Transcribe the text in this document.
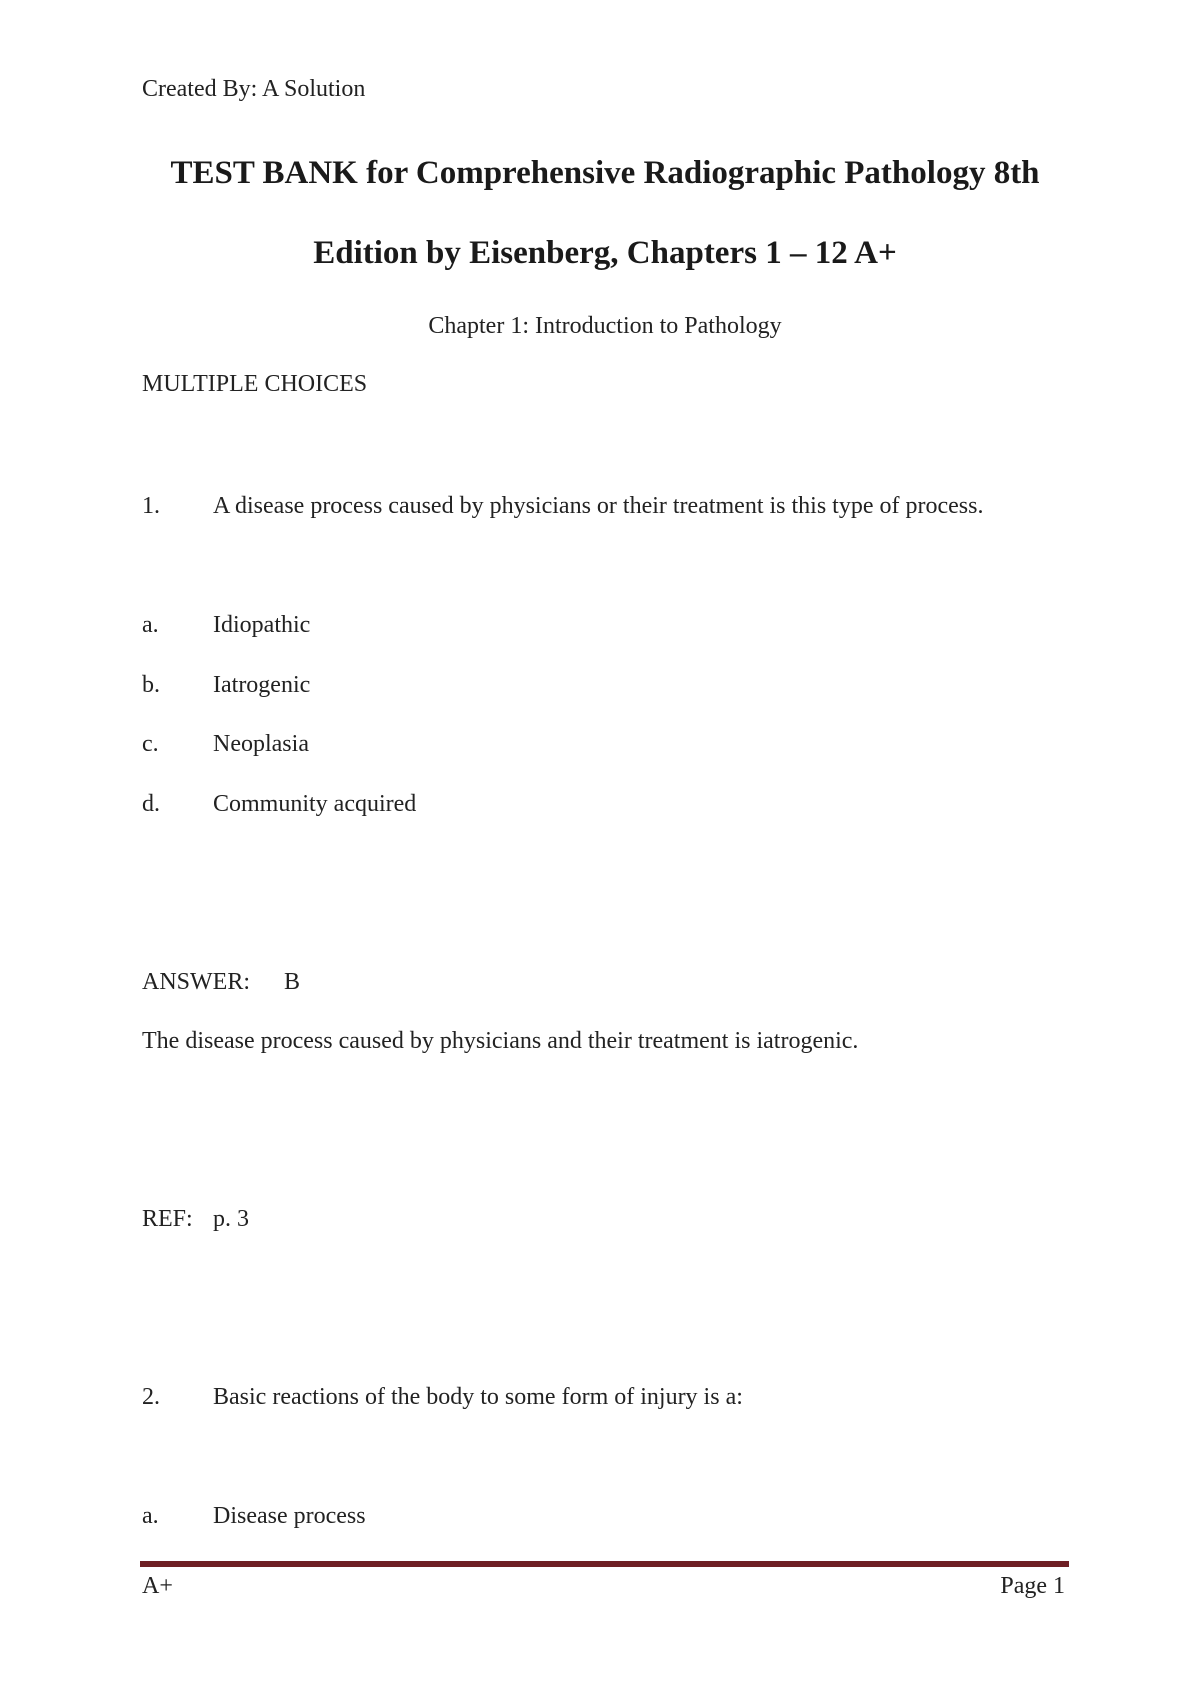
Created By: A Solution
TEST BANK for Comprehensive Radiographic Pathology 8th
Edition by Eisenberg, Chapters 1 – 12 A+
Chapter 1: Introduction to Pathology
MULTIPLE CHOICES
1. A disease process caused by physicians or their treatment is this type of process.
a. Idiopathic
b. Iatrogenic
c. Neoplasia
d. Community acquired
ANSWER: B
The disease process caused by physicians and their treatment is iatrogenic.
REF: p. 3
2. Basic reactions of the body to some form of injury is a:
a. Disease process
A+	Page 1
